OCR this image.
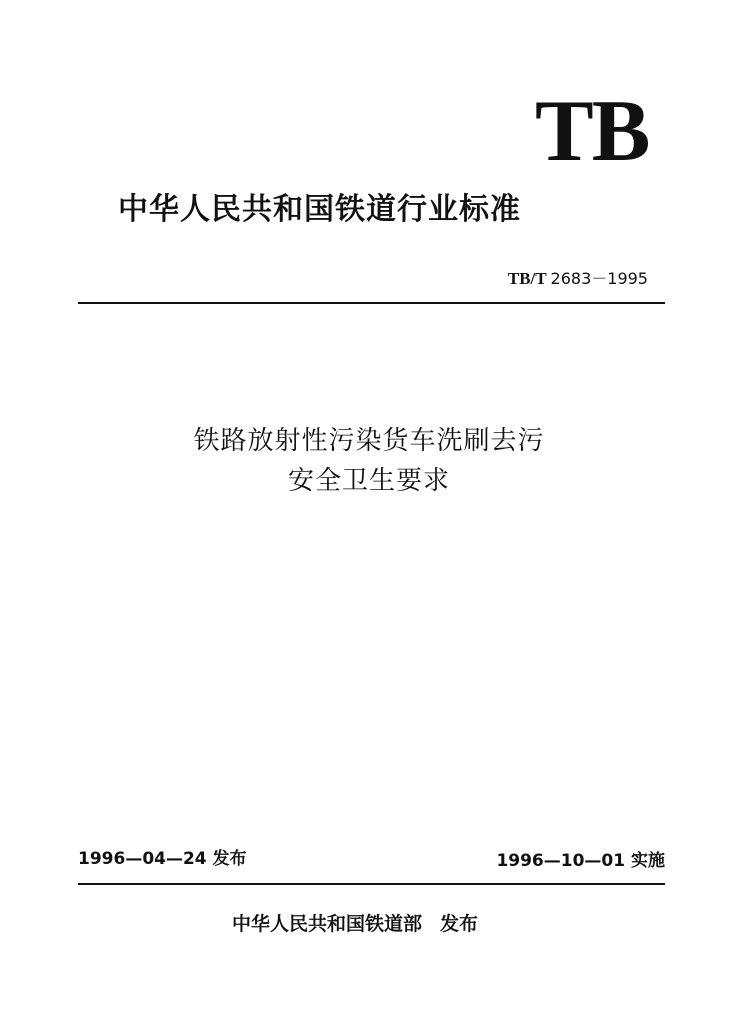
TB
中华人民共和国铁道行业标准
TB/T 2683－1995
铁路放射性污染货车洗刷去污
安全卫生要求
1996—04—24 发布	1996—10—01 实施
中华人民共和国铁道部 发布
